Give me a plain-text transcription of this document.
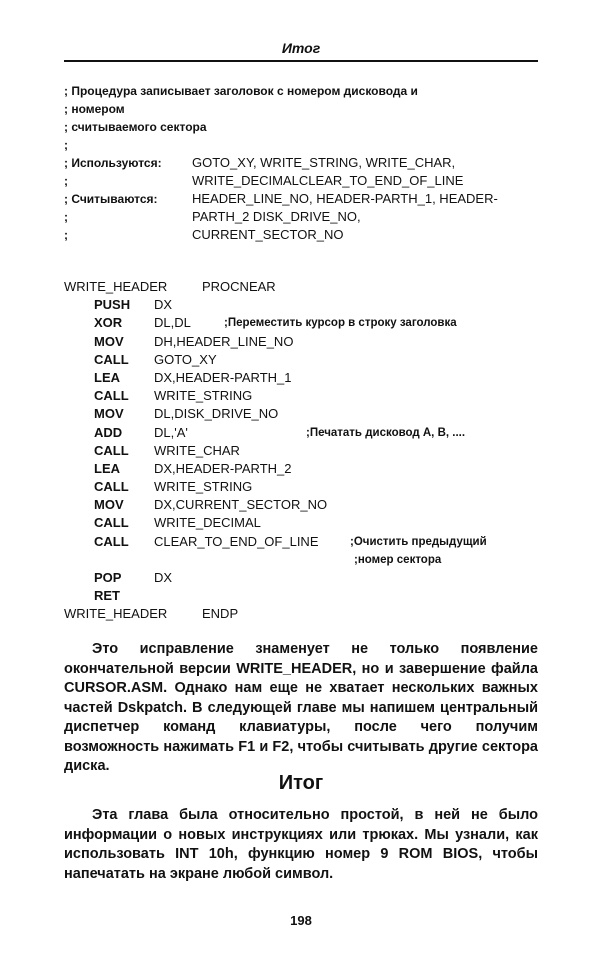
Итог
; Процедура записывает заголовок с номером дисковода и
; номером
; считываемого сектора
;
; Используются:	GOTO_XY, WRITE_STRING, WRITE_CHAR,
;	WRITE_DECIMALCLEAR_TO_END_OF_LINE
; Считываются:	HEADER_LINE_NO, HEADER-PARTH_1, HEADER-
;	PARTH_2 DISK_DRIVE_NO,
;	CURRENT_SECTOR_NO
WRITE_HEADER	PROCNEAR
PUSH	DX
XOR	DL,DL	;Переместить курсор в строку заголовка
MOV	DH,HEADER_LINE_NO
CALL	GOTO_XY
LEA	DX,HEADER-PARTH_1
CALL	WRITE_STRING
MOV	DL,DISK_DRIVE_NO
ADD	DL,'A'	;Печатать дисковод А, В, ....
CALL	WRITE_CHAR
LEA	DX,HEADER-PARTH_2
CALL	WRITE_STRING
MOV	DX,CURRENT_SECTOR_NO
CALL	WRITE_DECIMAL
CALL	CLEAR_TO_END_OF_LINE	;Очистить предыдущий
;номер сектора
POP	DX
RET
WRITE_HEADER	ENDP

Это исправление знаменует не только появление окончательной версии WRITE_HEADER, но и завершение файла CURSOR.ASM. Однако нам еще не хватает нескольких важных частей Dskpatch. В следующей главе мы напишем центральный диспетчер команд клавиатуры, после чего получим возможность нажимать F1 и F2, чтобы считывать другие сектора диска.

Итог

Эта глава была относительно простой, в ней не было информации о новых инструкциях или трюках. Мы узнали, как использовать INT 10h, функцию номер 9 ROM BIOS, чтобы напечатать на экране любой символ.

198
